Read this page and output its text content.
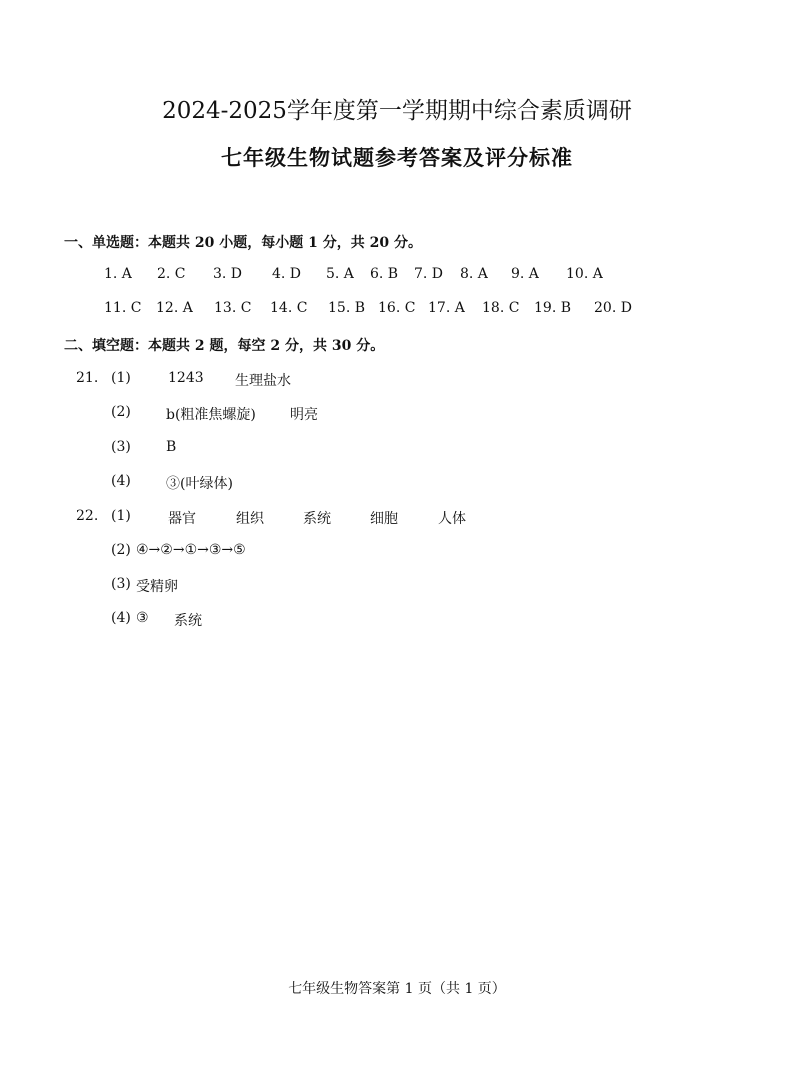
2024-2025学年度第一学期期中综合素质调研
七年级生物试题参考答案及评分标准
一、单选题：本题共 20 小题，每小题 1 分，共 20 分。
1. A 2. C 3. D 4. D 5. A 6. B 7. D 8. A 9. A 10. A
11. C 12. A 13. C 14. C 15. B 16. C 17. A 18. C 19. B 20. D
二、填空题：本题共 2 题，每空 2 分，共 30 分。
21. (1)	1243 生理盐水
(2)	b(粗准焦螺旋) 明亮
(3)	B
(4)	③(叶绿体)
22. (1)	器官	组织	系统	细胞	人体
(2) ④→②→①→③→⑤
(3) 受精卵
(4) ③ 系统
七年级生物答案第 1 页（共 1 页）
